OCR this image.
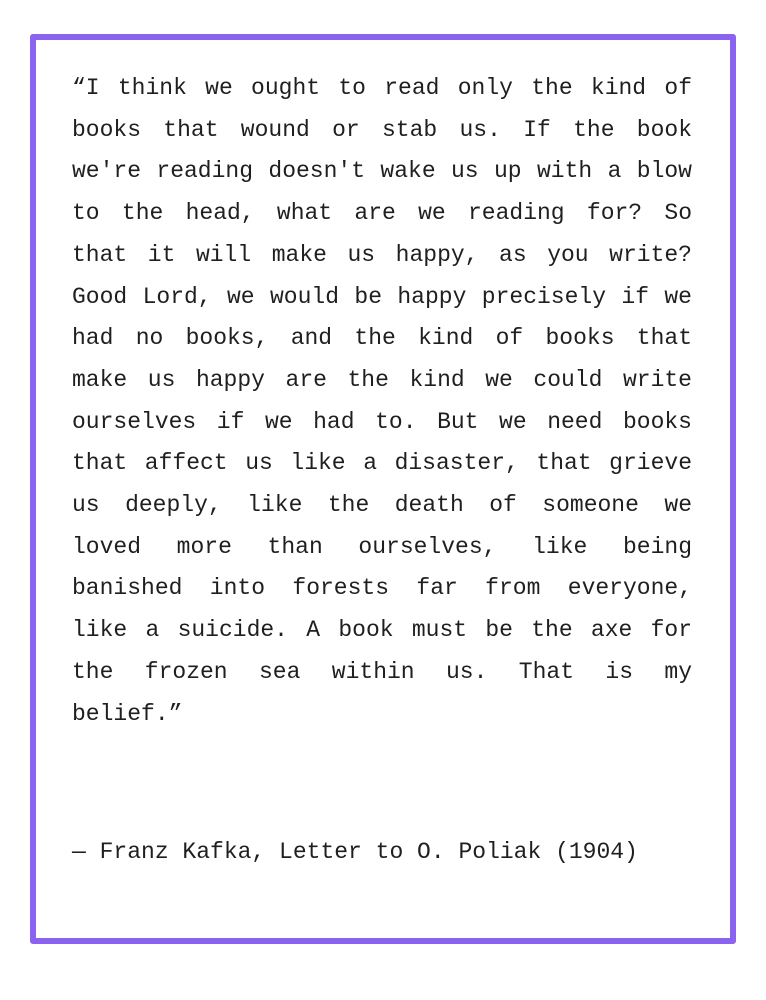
“I think we ought to read only the kind of books that wound or stab us. If the book we're reading doesn't wake us up with a blow to the head, what are we reading for? So that it will make us happy, as you write? Good Lord, we would be happy precisely if we had no books, and the kind of books that make us happy are the kind we could write ourselves if we had to. But we need books that affect us like a disaster, that grieve us deeply, like the death of someone we loved more than ourselves, like being banished into forests far from everyone, like a suicide. A book must be the axe for the frozen sea within us. That is my belief.”

— Franz Kafka, Letter to O. Poliak (1904)
